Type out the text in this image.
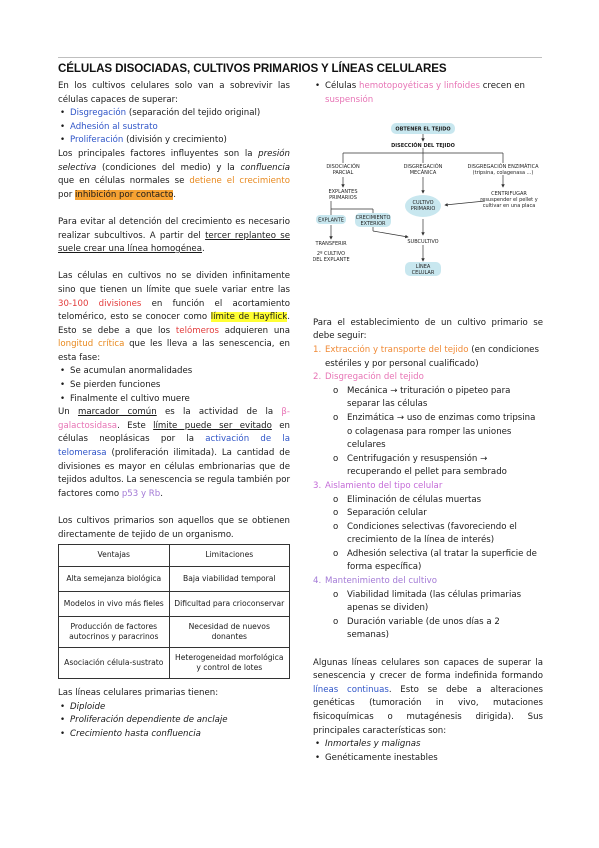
CÉLULAS DISOCIADAS, CULTIVOS PRIMARIOS Y LÍNEAS CELULARES

En los cultivos celulares solo van a sobrevivir las células capaces de superar:

• Disgregación (separación del tejido original)
• Adhesión al sustrato
• Proliferación (división y crecimiento)

Los principales factores influyentes son la presión selectiva (condiciones del medio) y la confluencia que en células normales se detiene el crecimiento por inhibición por contacto.

Para evitar al detención del crecimiento es necesario realizar subcultivos. A partir del tercer replanteo se suele crear una línea homogénea.

Las células en cultivos no se dividen infinitamente sino que tienen un límite que suele variar entre las 30-100 divisiones en función el acortamiento telomérico, esto se conocer como límite de Hayflick. Esto se debe a que los telómeros adquieren una longitud crítica que les lleva a las senescencia, en esta fase:

• Se acumulan anormalidades
• Se pierden funciones
• Finalmente el cultivo muere

Un marcador común es la actividad de la β-galactosidasa. Este límite puede ser evitado en células neoplásicas por la activación de la telomerasa (proliferación ilimitada). La cantidad de divisiones es mayor en células embrionarias que de tejidos adultos. La senescencia se regula también por factores como p53 y Rb.

Los cultivos primarios son aquellos que se obtienen directamente de tejido de un organismo.

Ventajas	Limitaciones
Alta semejanza biológica	Baja viabilidad temporal
Modelos in vivo más fieles	Dificultad para crioconservar
Producción de factores autocrinos y paracrinos	Necesidad de nuevos donantes
Asociación célula-sustrato	Heterogeneidad morfológica y control de lotes

Las líneas celulares primarias tienen:

• Diploide
• Proliferación dependiente de anclaje
• Crecimiento hasta confluencia
• Células hemotopoyéticas y linfoides crecen en suspensión
OBTENER EL TEJIDO
DISECCIÓN DEL TEJIDO
DISOCIACIÓN
PARCIAL
DISGREGACIÓN
MECÁNICA
DISGREGACIÓN ENZIMÁTICA
(tripsina, colagenasa ...)
EXPLANTES
PRIMARIOS
CULTIVO
PRIMARIO
CENTRIFUGAR
resuspender el pellet y
cultivar en una placa
EXPLANTE CRECIMIENTO
EXTERIOR
TRANSFERIR
2º CULTIVO
DEL EXPLANTE
SUBCULTIVO
LÍNEA
CELULAR

Para el establecimiento de un cultivo primario se debe seguir:

1. Extracción y transporte del tejido (en condiciones estériles y por personal cualificado)
2. Disgregación del tejido
o Mecánica → trituración o pipeteo para separar las células
o Enzimática → uso de enzimas como tripsina o colagenasa para romper las uniones celulares
o Centrifugación y resuspensión → recuperando el pellet para sembrado
3. Aislamiento del tipo celular
o Eliminación de células muertas
o Separación celular
o Condiciones selectivas (favoreciendo el crecimiento de la línea de interés)
o Adhesión selectiva (al tratar la superficie de forma específica)
4. Mantenimiento del cultivo
o Viabilidad limitada (las células primarias apenas se dividen)
o Duración variable (de unos días a 2 semanas)

Algunas líneas celulares son capaces de superar la senescencia y crecer de forma indefinida formando líneas continuas. Esto se debe a alteraciones genéticas (tumoración in vivo, mutaciones fisicoquímicas o mutagénesis dirigida). Sus principales características son:

• Inmortales y malignas
• Genéticamente inestables
